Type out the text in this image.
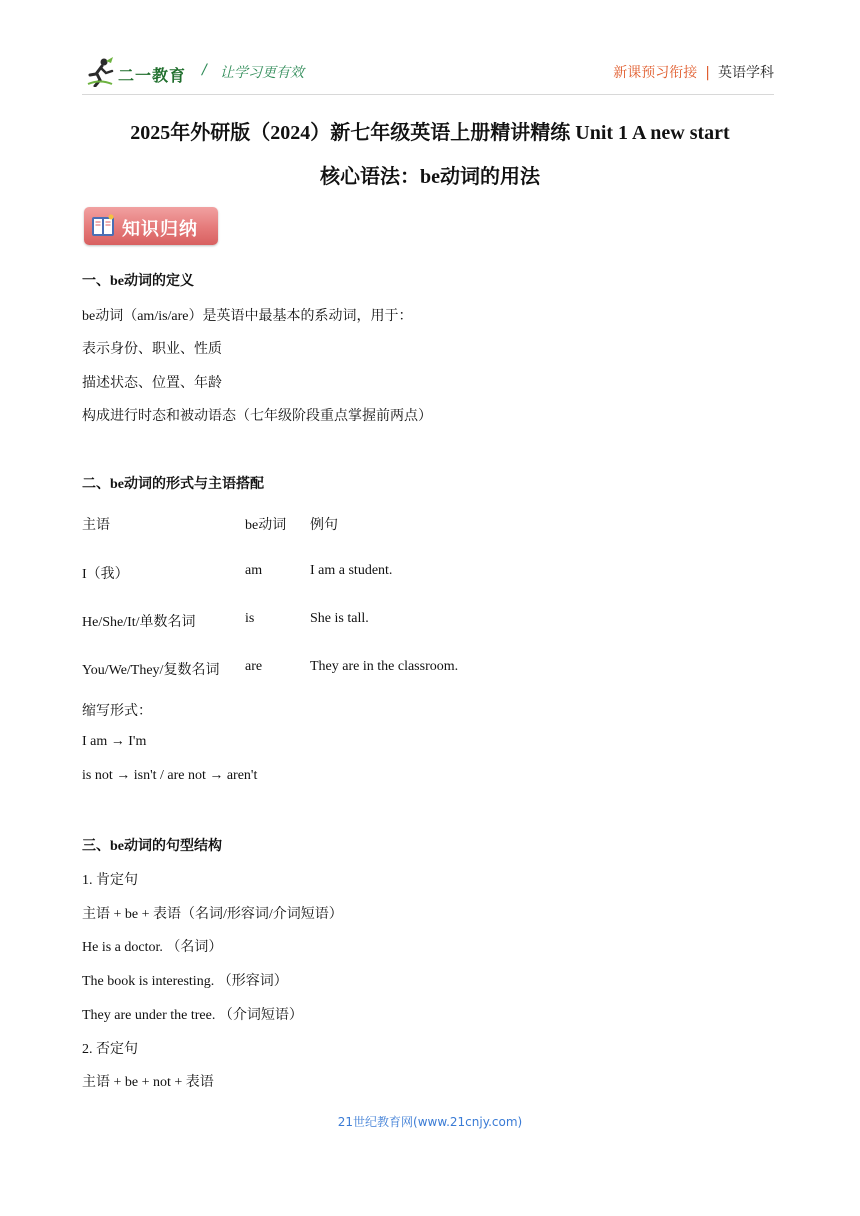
二一教育 / 让学习更有效	新课预习衔接 | 英语学科
2025年外研版（2024）新七年级英语上册精讲精练 Unit 1 A new start
核心语法：be动词的用法
知识归纳
一、be动词的定义
be动词（am/is/are）是英语中最基本的系动词，用于：
表示身份、职业、性质
描述状态、位置、年龄
构成进行时态和被动语态（七年级阶段重点掌握前两点）
二、be动词的形式与主语搭配
主语	be动词 例句
I（我）	am	I am a student.
He/She/It/单数名词	is	She is tall.
You/We/They/复数名词 are	They are in the classroom.
缩写形式：
I am → I'm
is not → isn't / are not → aren't
三、be动词的句型结构
1. 肯定句
主语 + be + 表语（名词/形容词/介词短语）
He is a doctor. （名词）
The book is interesting. （形容词）
They are under the tree. （介词短语）
2. 否定句
主语 + be + not + 表语
21世纪教育网(www.21cnjy.com)
